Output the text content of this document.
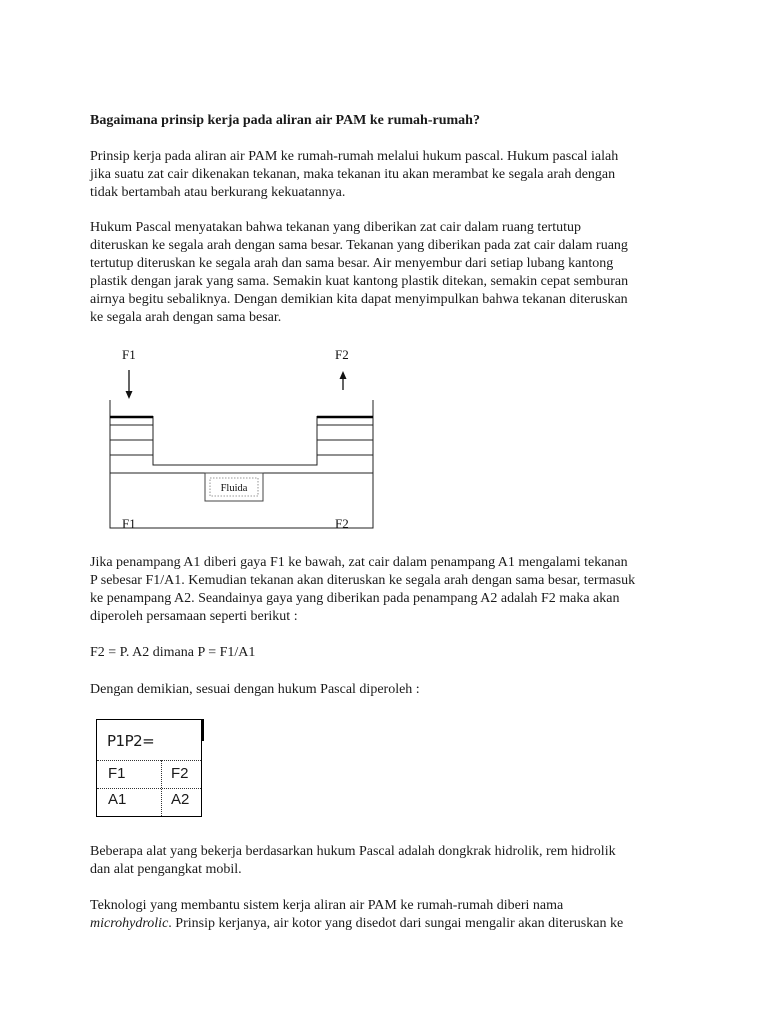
Bagaimana prinsip kerja pada aliran air PAM ke rumah-rumah?

Prinsip kerja pada aliran air PAM ke rumah-rumah melalui hukum pascal. Hukum pascal ialah
jika suatu zat cair dikenakan tekanan, maka tekanan itu akan merambat ke segala arah dengan
tidak bertambah atau berkurang kekuatannya.
Hukum Pascal menyatakan bahwa tekanan yang diberikan zat cair dalam ruang tertutup
diteruskan ke segala arah dengan sama besar. Tekanan yang diberikan pada zat cair dalam ruang
tertutup diteruskan ke segala arah dan sama besar. Air menyembur dari setiap lubang kantong
plastik dengan jarak yang sama. Semakin kuat kantong plastik ditekan, semakin cepat semburan
airnya begitu sebaliknya. Dengan demikian kita dapat menyimpulkan bahwa tekanan diteruskan
ke segala arah dengan sama besar.
F1	F2
Fluida
F1	F2
Jika penampang A1 diberi gaya F1 ke bawah, zat cair dalam penampang A1 mengalami tekanan
P sebesar F1/A1. Kemudian tekanan akan diteruskan ke segala arah dengan sama besar, termasuk
ke penampang A2. Seandainya gaya yang diberikan pada penampang A2 adalah F2 maka akan
diperoleh persamaan seperti berikut :

F2 = P. A2 dimana P = F1/A1

Dengan demikian, sesuai dengan hukum Pascal diperoleh :

P1P2=
F1	F2
A1	A2
Beberapa alat yang bekerja berdasarkan hukum Pascal adalah dongkrak hidrolik, rem hidrolik
dan alat pengangkat mobil.
Teknologi yang membantu sistem kerja aliran air PAM ke rumah-rumah diberi nama
microhydrolic. Prinsip kerjanya, air kotor yang disedot dari sungai mengalir akan diteruskan ke
